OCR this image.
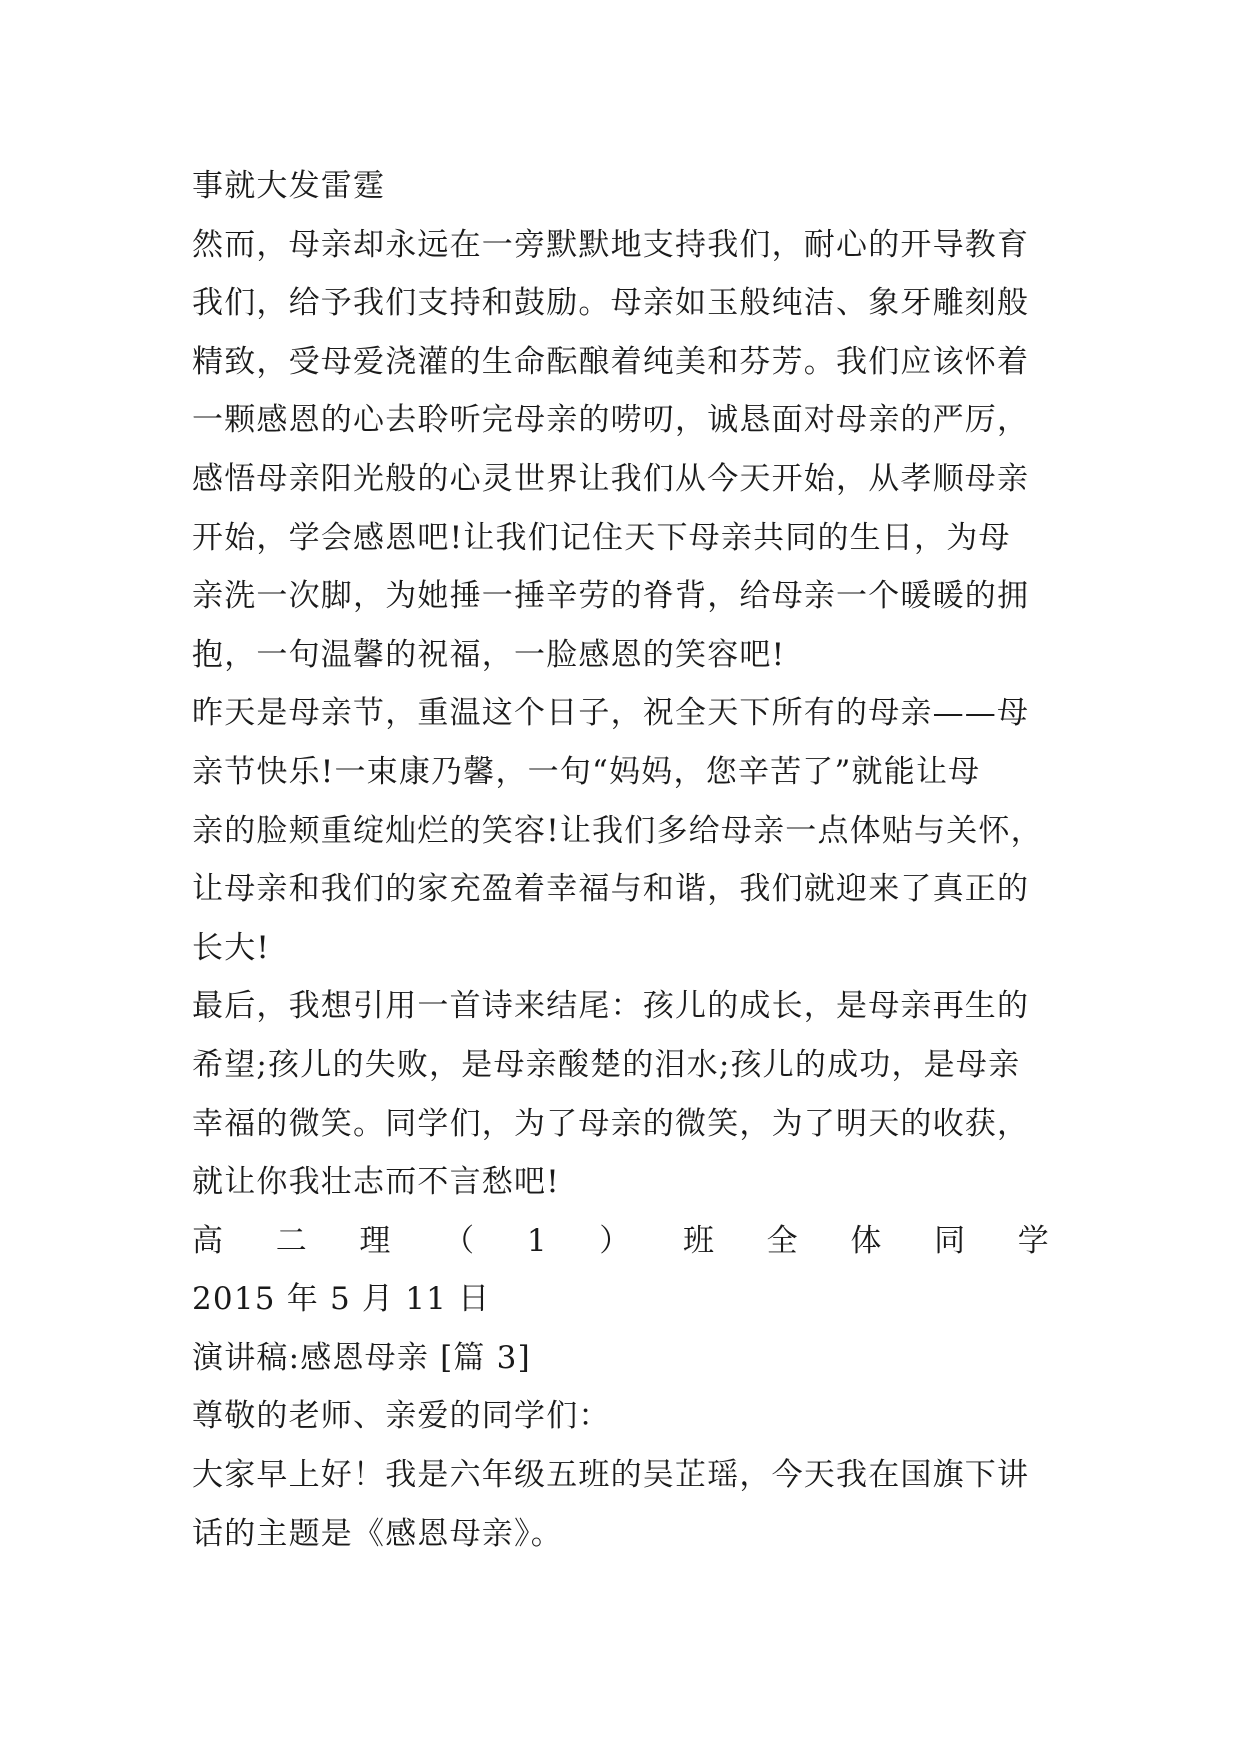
事就大发雷霆
然而，母亲却永远在一旁默默地支持我们，耐心的开导教育
我们，给予我们支持和鼓励。母亲如玉般纯洁、象牙雕刻般
精致，受母爱浇灌的生命酝酿着纯美和芬芳。我们应该怀着
一颗感恩的心去聆听完母亲的唠叨，诚恳面对母亲的严厉，
感悟母亲阳光般的心灵世界让我们从今天开始，从孝顺母亲
开始，学会感恩吧!让我们记住天下母亲共同的生日，为母
亲洗一次脚，为她捶一捶辛劳的脊背，给母亲一个暖暖的拥
抱，一句温馨的祝福，一脸感恩的笑容吧!
昨天是母亲节，重温这个日子，祝全天下所有的母亲——母
亲节快乐!一束康乃馨，一句“妈妈，您辛苦了”就能让母
亲的脸颊重绽灿烂的笑容!让我们多给母亲一点体贴与关怀，
让母亲和我们的家充盈着幸福与和谐，我们就迎来了真正的
长大!
最后，我想引用一首诗来结尾：孩儿的成长，是母亲再生的
希望;孩儿的失败，是母亲酸楚的泪水;孩儿的成功，是母亲
幸福的微笑。同学们，为了母亲的微笑，为了明天的收获，
就让你我壮志而不言愁吧!
高 二 理 （ 1 ） 班 全 体 同 学
2015 年 5 月 11 日
演讲稿:感恩母亲 [篇 3]
尊敬的老师、亲爱的同学们：
大家早上好！我是六年级五班的吴芷瑶，今天我在国旗下讲
话的主题是《感恩母亲》。
